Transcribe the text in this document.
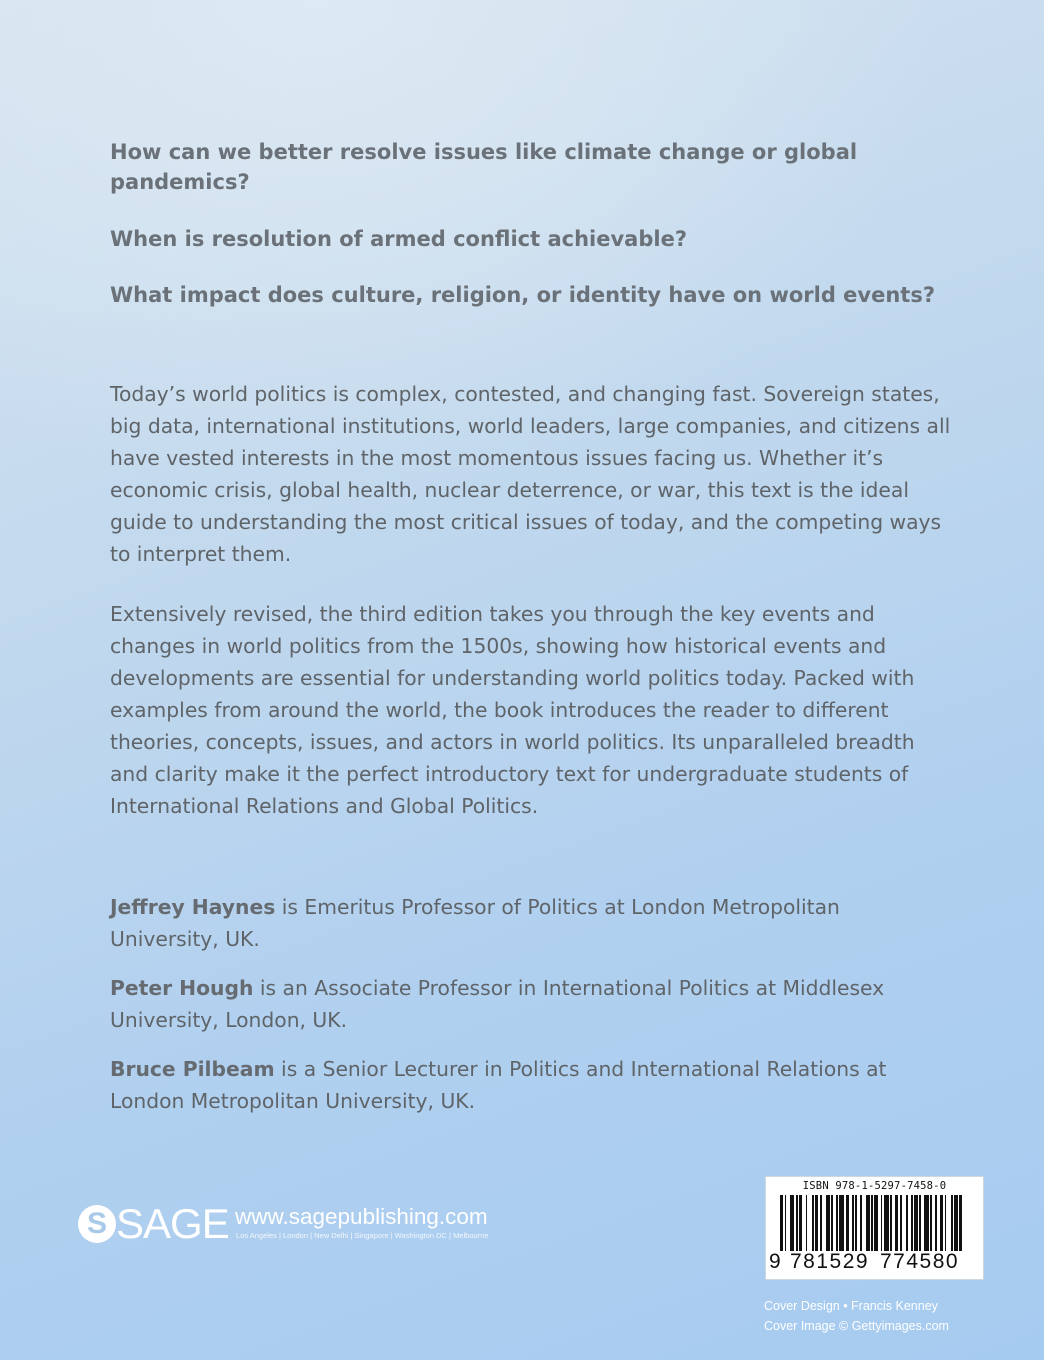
How can we better resolve issues like climate change or global pandemics?

When is resolution of armed conflict achievable?

What impact does culture, religion, or identity have on world events?

Today’s world politics is complex, contested, and changing fast. Sovereign states, big data, international institutions, world leaders, large companies, and citizens all have vested interests in the most momentous issues facing us. Whether it’s economic crisis, global health, nuclear deterrence, or war, this text is the ideal guide to understanding the most critical issues of today, and the competing ways to interpret them.

Extensively revised, the third edition takes you through the key events and changes in world politics from the 1500s, showing how historical events and developments are essential for understanding world politics today. Packed with examples from around the world, the book introduces the reader to different theories, concepts, issues, and actors in world politics. Its unparalleled breadth and clarity make it the perfect introductory text for undergraduate students of International Relations and Global Politics.

Jeffrey Haynes is Emeritus Professor of Politics at London Metropolitan University, UK.

Peter Hough is an Associate Professor in International Politics at Middlesex University, London, UK.

Bruce Pilbeam is a Senior Lecturer in Politics and International Relations at London Metropolitan University, UK.

S SAGE www.sagepublishing.com
Los Angeles | London | New Delhi | Singapore | Washington DC | Melbourne
ISBN 978-1-5297-7458-0
9 781529 774580
Cover Design • Francis Kenney
Cover Image © Gettyimages.com
